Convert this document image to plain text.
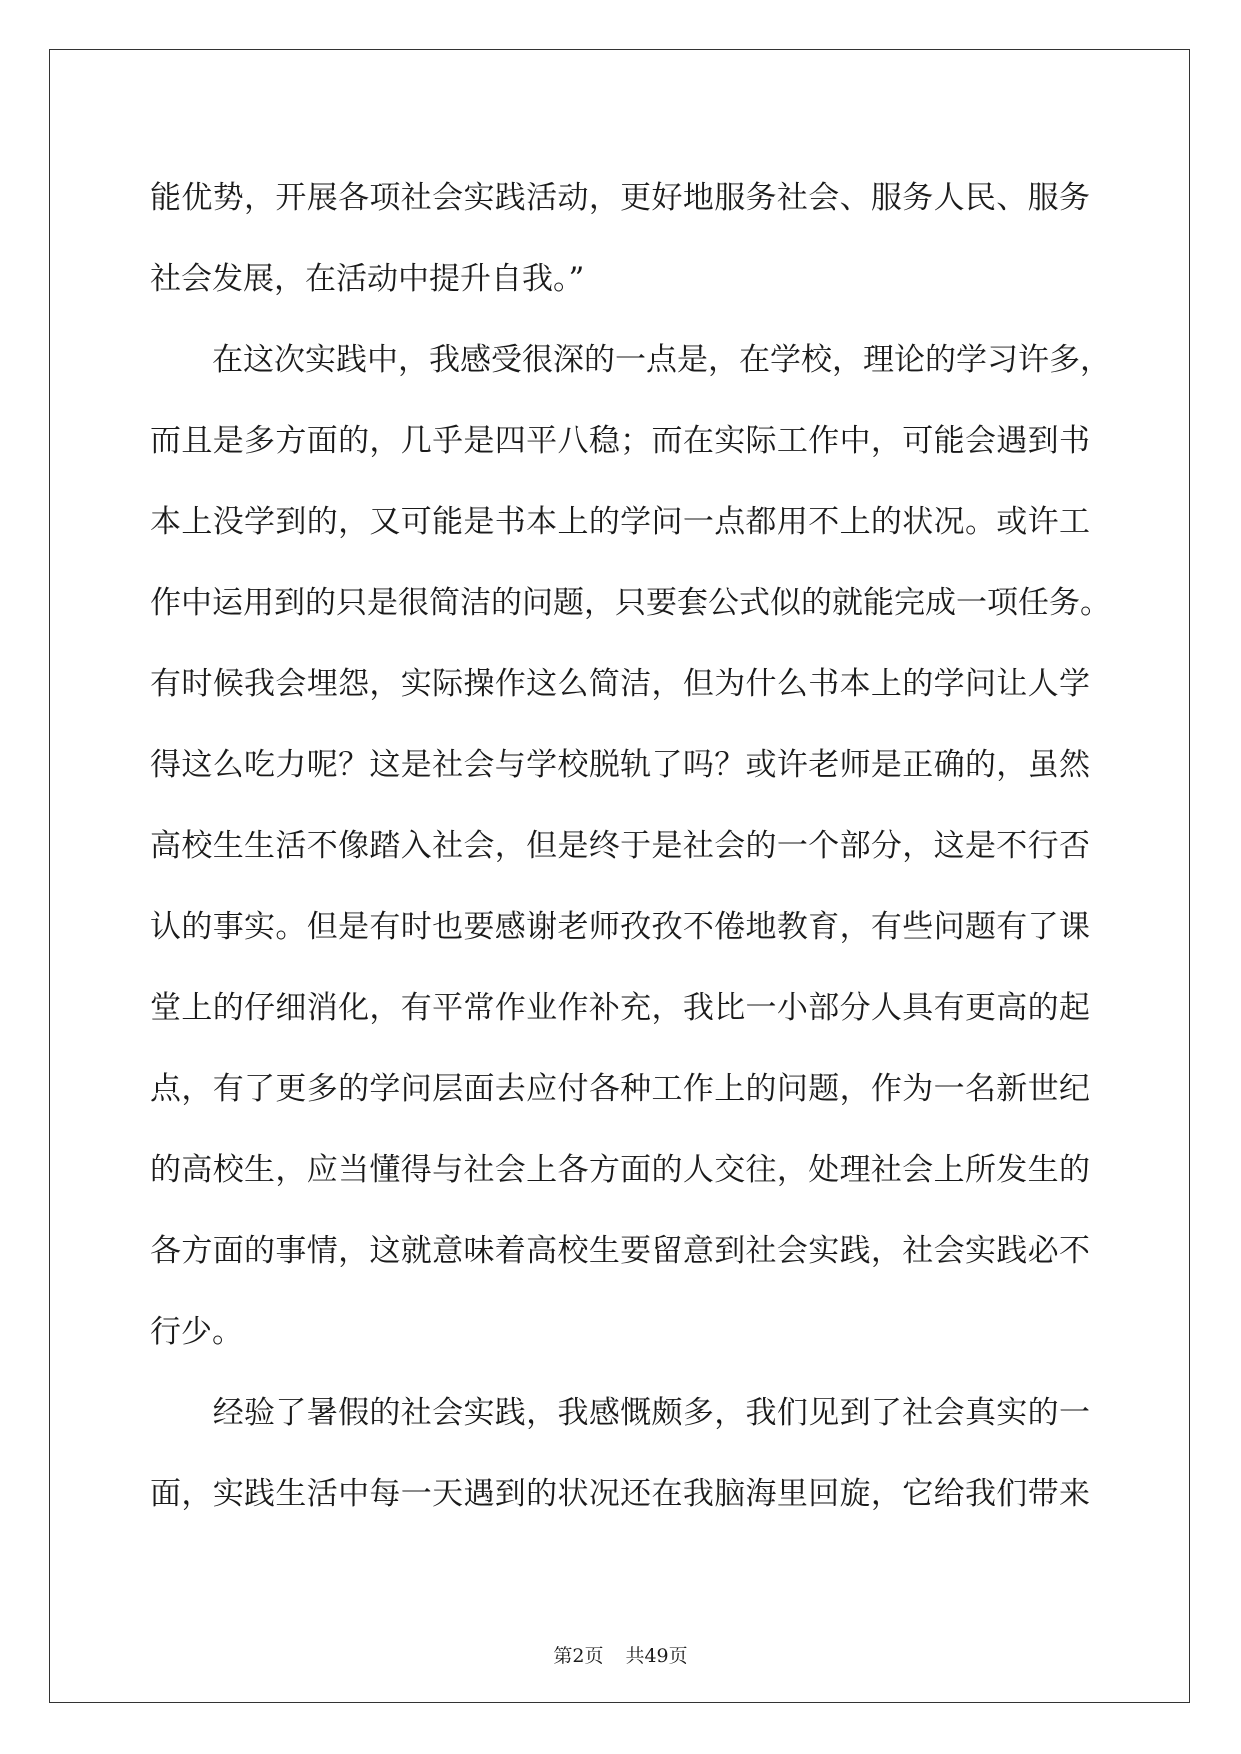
能优势，开展各项社会实践活动，更好地服务社会、服务人民、服务
社会发展，在活动中提升自我。”
　　在这次实践中，我感受很深的一点是，在学校，理论的学习许多，
而且是多方面的，几乎是四平八稳；而在实际工作中，可能会遇到书
本上没学到的，又可能是书本上的学问一点都用不上的状况。或许工
作中运用到的只是很简洁的问题，只要套公式似的就能完成一项任务。
有时候我会埋怨，实际操作这么简洁，但为什么书本上的学问让人学
得这么吃力呢？这是社会与学校脱轨了吗？或许老师是正确的，虽然
高校生生活不像踏入社会，但是终于是社会的一个部分，这是不行否
认的事实。但是有时也要感谢老师孜孜不倦地教育，有些问题有了课
堂上的仔细消化，有平常作业作补充，我比一小部分人具有更高的起
点，有了更多的学问层面去应付各种工作上的问题，作为一名新世纪
的高校生，应当懂得与社会上各方面的人交往，处理社会上所发生的
各方面的事情，这就意味着高校生要留意到社会实践，社会实践必不
行少。
　　经验了暑假的社会实践，我感慨颇多，我们见到了社会真实的一
面，实践生活中每一天遇到的状况还在我脑海里回旋，它给我们带来
第2页 共49页
